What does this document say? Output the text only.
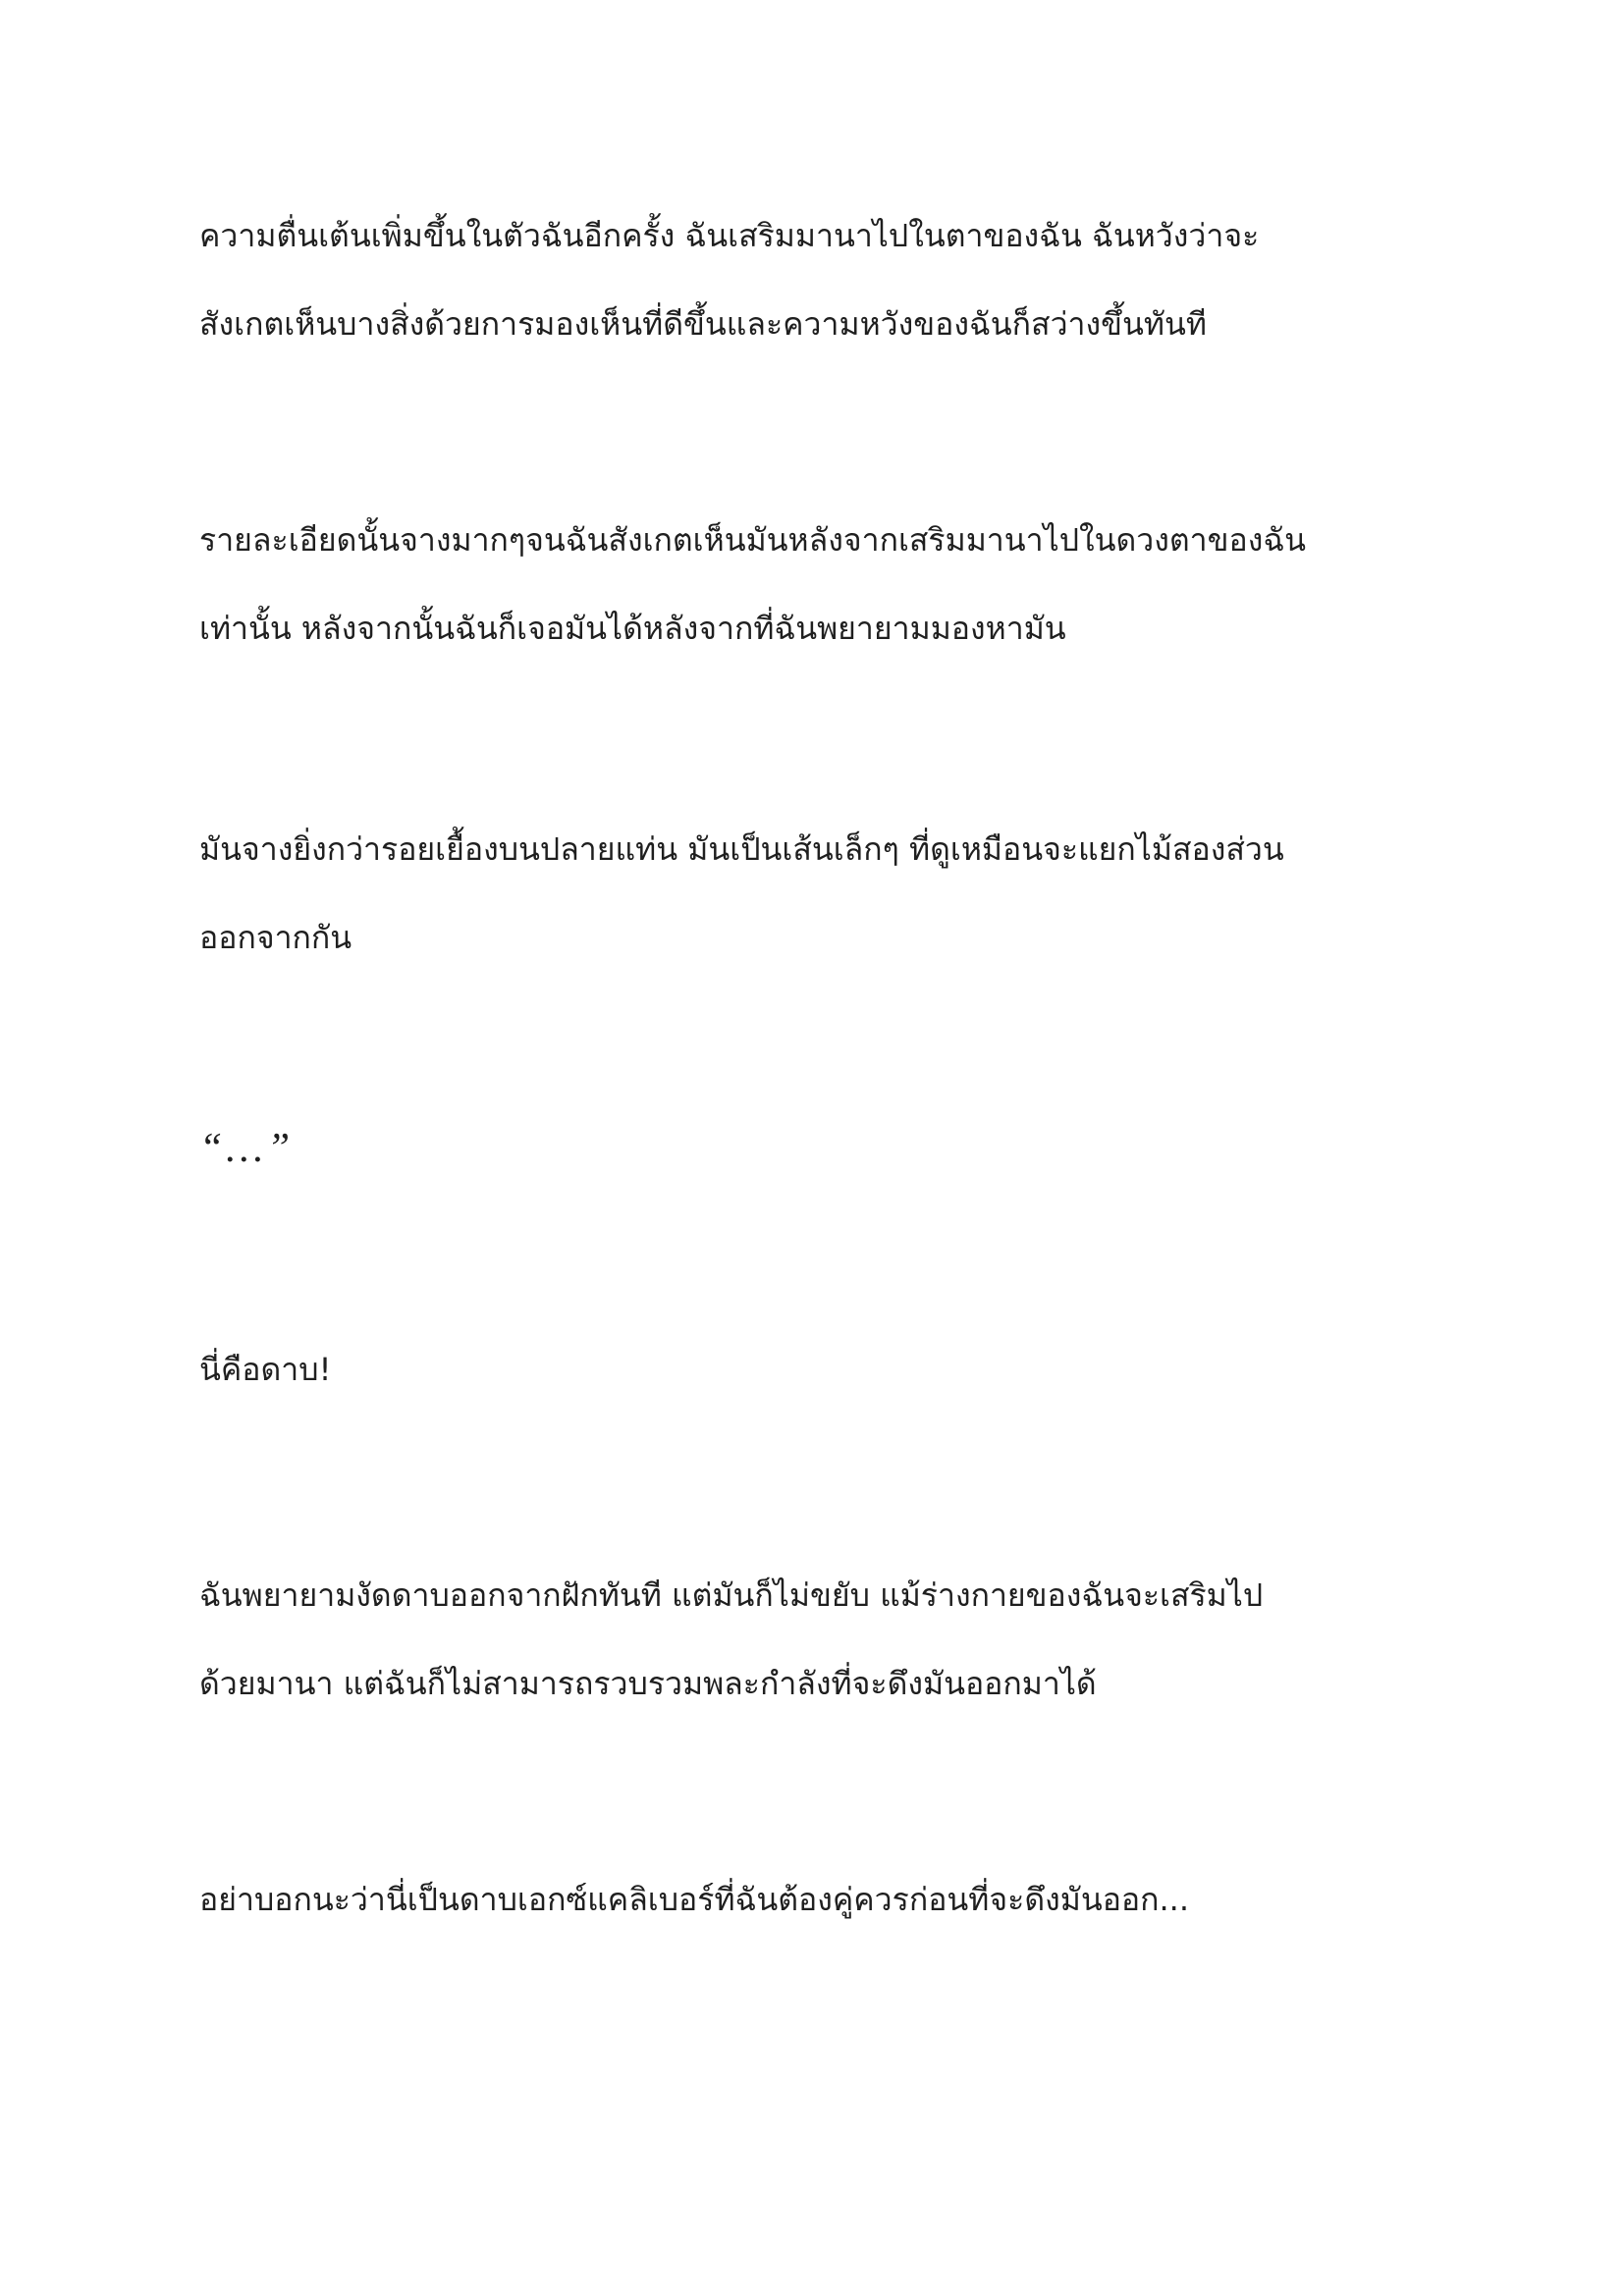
ความตื่นเต้นเพิ่มขึ้นในตัวฉันอีกครั้ง ฉันเสริมมานาไปในตาของฉัน ฉันหวังว่าจะ

สังเกตเห็นบางสิ่งด้วยการมองเห็นที่ดีขึ้นและความหวังของฉันก็สว่างขึ้นทันที

รายละเอียดนั้นจางมากๆจนฉันสังเกตเห็นมันหลังจากเสริมมานาไปในดวงตาของฉัน

เท่านั้น หลังจากนั้นฉันก็เจอมันได้หลังจากที่ฉันพยายามมองหามัน

มันจางยิ่งกว่ารอยเยื้องบนปลายแท่น มันเป็นเส้นเล็กๆ ที่ดูเหมือนจะแยกไม้สองส่วน

ออกจากกัน

“…”

นี่คือดาบ!

ฉันพยายามงัดดาบออกจากฝักทันที แต่มันก็ไม่ขยับ แม้ร่างกายของฉันจะเสริมไป

ด้วยมานา แต่ฉันก็ไม่สามารถรวบรวมพละกำลังที่จะดึงมันออกมาได้

อย่าบอกนะว่านี่เป็นดาบเอกซ์แคลิเบอร์ที่ฉันต้องคู่ควรก่อนที่จะดึงมันออก...
